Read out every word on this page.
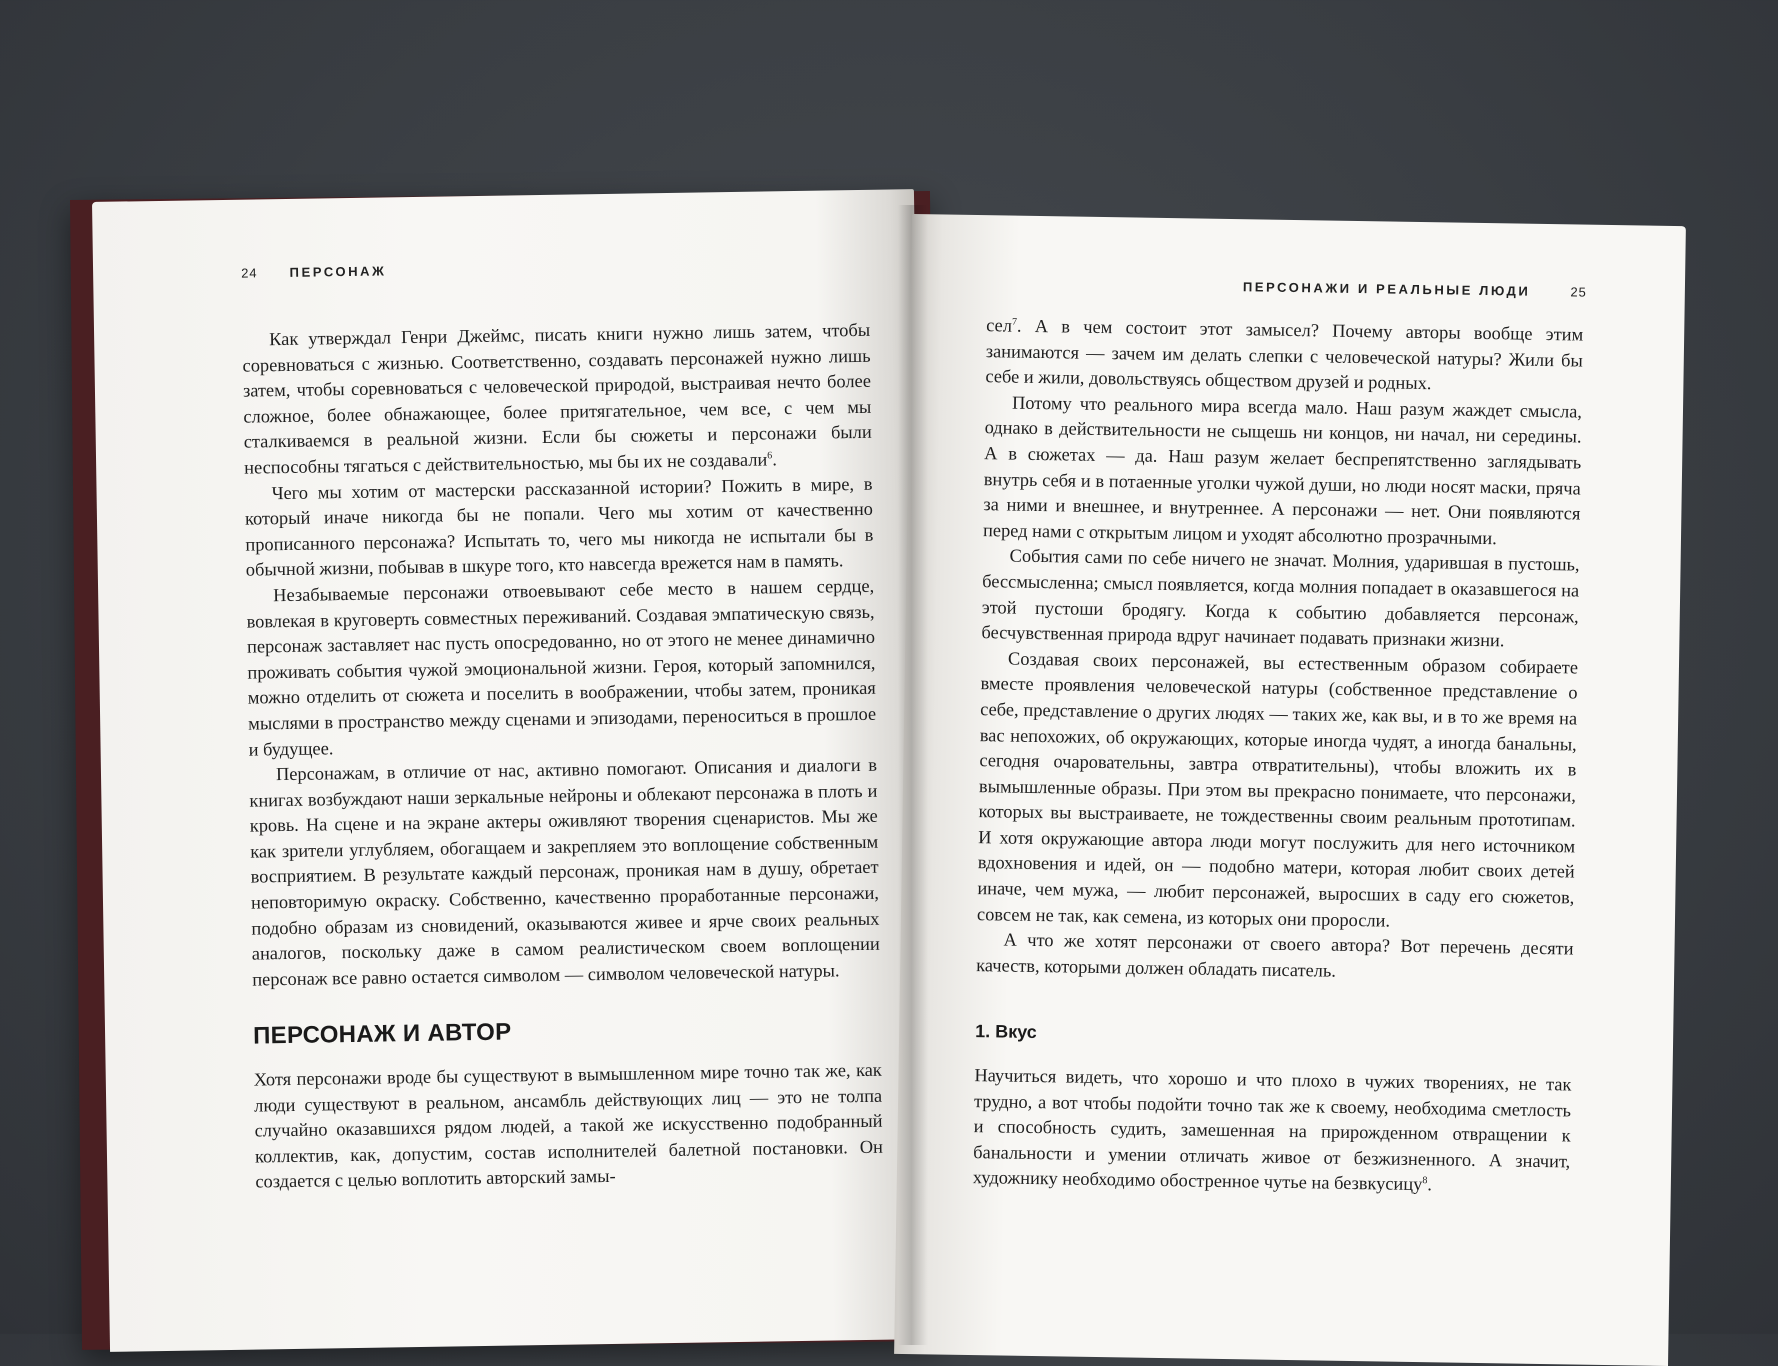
24 ПЕРСОНАЖ

Как утверждал Генри Джеймс, писать книги нужно лишь затем, чтобы соревноваться с жизнью. Соответственно, создавать персонажей нужно лишь затем, чтобы соревноваться с человеческой природой, выстраивая нечто более сложное, более обнажающее, более притягательное, чем все, с чем мы сталкиваемся в реальной жизни. Если бы сюжеты и персонажи были неспособны тягаться с действительностью, мы бы их не создавали$^6$.

Чего мы хотим от мастерски рассказанной истории? Пожить в мире, в который иначе никогда бы не попали. Чего мы хотим от качественно прописанного персонажа? Испытать то, чего мы никогда не испытали бы в обычной жизни, побывав в шкуре того, кто навсегда врежется нам в память.

Незабываемые персонажи отвоевывают себе место в нашем сердце, вовлекая в круговерть совместных переживаний. Создавая эмпатическую связь, персонаж заставляет нас пусть опосредованно, но от этого не менее динамично проживать события чужой эмоциональной жизни. Героя, который запомнился, можно отделить от сюжета и поселить в воображении, чтобы затем, проникая мыслями в пространство между сценами и эпизодами, переноситься в прошлое и будущее.

Персонажам, в отличие от нас, активно помогают. Описания и диалоги в книгах возбуждают наши зеркальные нейроны и облекают персонажа в плоть и кровь. На сцене и на экране актеры оживляют творения сценаристов. Мы же как зрители углубляем, обогащаем и закрепляем это воплощение собственным восприятием. В результате каждый персонаж, проникая нам в душу, обретает неповторимую окраску. Собственно, качественно проработанные персонажи, подобно образам из сновидений, оказываются живее и ярче своих реальных аналогов, поскольку даже в самом реалистическом своем воплощении персонаж все равно остается символом — символом человеческой натуры.

ПЕРСОНАЖ И АВТОР

Хотя персонажи вроде бы существуют в вымышленном мире точно так же, как люди существуют в реальном, ансамбль действующих лиц — это не толпа случайно оказавшихся рядом людей, а такой же искусственно подобранный коллектив, как, допустим, состав исполнителей балетной постановки. Он создается с целью воплотить авторский замы-

ПЕРСОНАЖИ И РЕАЛЬНЫЕ ЛЮДИ	25

сел$^7$. А в чем состоит этот замысел? Почему авторы вообще этим занимаются — зачем им делать слепки с человеческой натуры? Жили бы себе и жили, довольствуясь обществом друзей и родных.

Потому что реального мира всегда мало. Наш разум жаждет смысла, однако в действительности не сыщешь ни концов, ни начал, ни середины. А в сюжетах — да. Наш разум желает беспрепятственно заглядывать внутрь себя и в потаенные уголки чужой души, но люди носят маски, пряча за ними и внешнее, и внутреннее. А персонажи — нет. Они появляются перед нами с открытым лицом и уходят абсолютно прозрачными.

События сами по себе ничего не значат. Молния, ударившая в пустошь, бессмысленна; смысл появляется, когда молния попадает в оказавшегося на этой пустоши бродягу. Когда к событию добавляется персонаж, бесчувственная природа вдруг начинает подавать признаки жизни.

Создавая своих персонажей, вы естественным образом собираете вместе проявления человеческой натуры (собственное представление о себе, представление о других людях — таких же, как вы, и в то же время на вас непохожих, об окружающих, которые иногда чудят, а иногда банальны, сегодня очаровательны, завтра отвратительны), чтобы вложить их в вымышленные образы. При этом вы прекрасно понимаете, что персонажи, которых вы выстраиваете, не тождественны своим реальным прототипам. И хотя окружающие автора люди могут послужить для него источником вдохновения и идей, он — подобно матери, которая любит своих детей иначе, чем мужа, — любит персонажей, выросших в саду его сюжетов, совсем не так, как семена, из которых они проросли.

А что же хотят персонажи от своего автора? Вот перечень десяти качеств, которыми должен обладать писатель.

1. Вкус

Научиться видеть, что хорошо и что плохо в чужих творениях, не так трудно, а вот чтобы подойти точно так же к своему, необходима сметлость и способность судить, замешенная на прирожденном отвращении к банальности и умении отличать живое от безжизненного. А значит, художнику необходимо обостренное чутье на безвкусицу$^8$.
